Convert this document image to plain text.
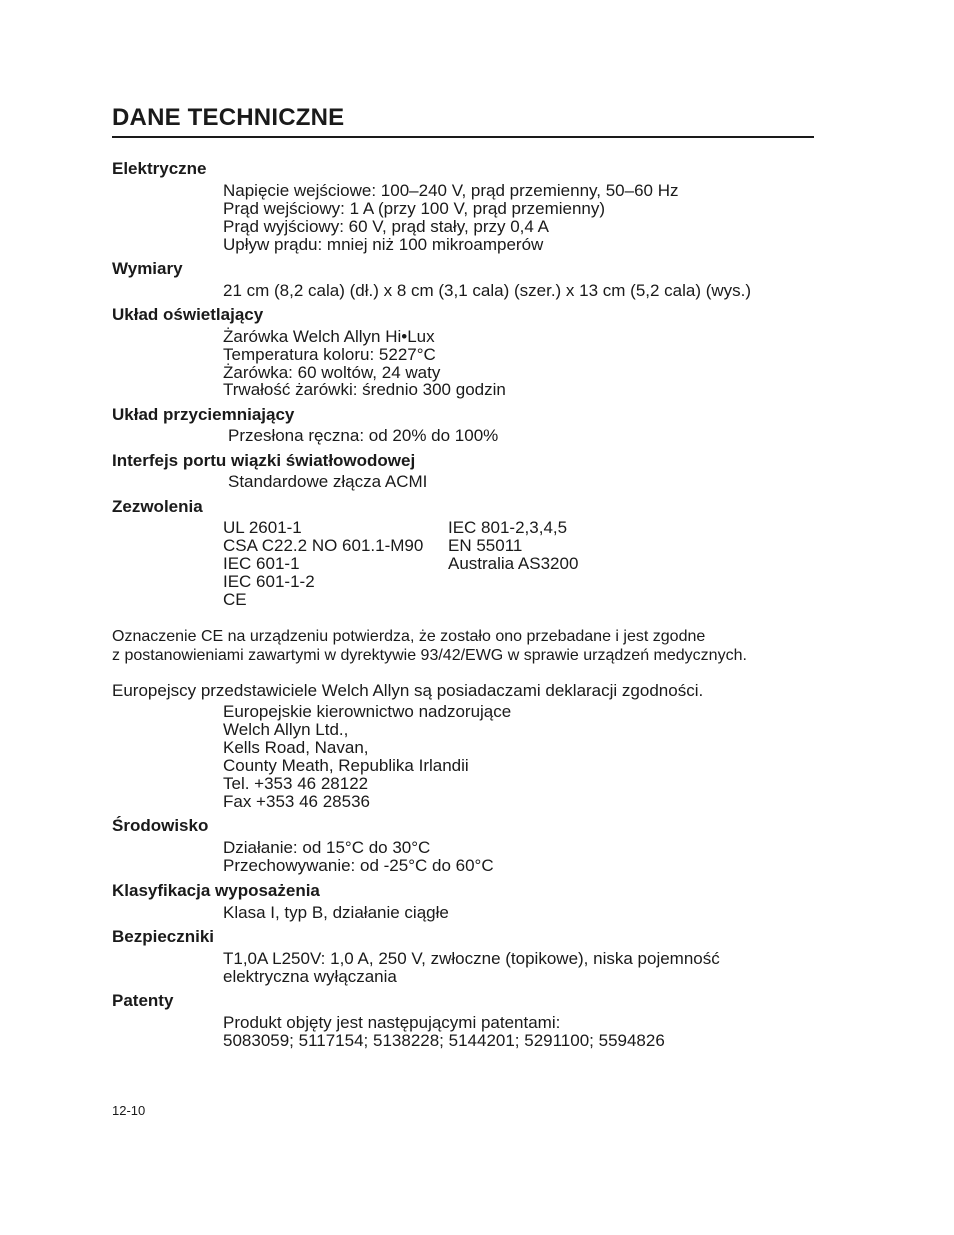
DANE TECHNICZNE
Elektryczne
Napięcie wejściowe: 100–240 V, prąd przemienny, 50–60 Hz
Prąd wejściowy: 1 A (przy 100 V, prąd przemienny)
Prąd wyjściowy: 60 V, prąd stały, przy 0,4 A
Upływ prądu: mniej niż 100 mikroamperów
Wymiary
21 cm (8,2 cala) (dł.) x 8 cm (3,1 cala) (szer.) x 13 cm (5,2 cala) (wys.)
Układ oświetlający
Żarówka Welch Allyn Hi•Lux
Temperatura koloru: 5227°C
Żarówka: 60 woltów, 24 waty
Trwałość żarówki: średnio 300 godzin
Układ przyciemniający
Przesłona ręczna: od 20% do 100%
Interfejs portu wiązki światłowodowej
Standardowe złącza ACMI
Zezwolenia
UL 2601-1
CSA C22.2 NO 601.1-M90
IEC 601-1
IEC 601-1-2
CE
IEC 801-2,3,4,5
EN 55011
Australia AS3200
Oznaczenie CE na urządzeniu potwierdza, że zostało ono przebadane i jest zgodne
z postanowieniami zawartymi w dyrektywie 93/42/EWG w sprawie urządzeń medycznych.
Europejscy przedstawiciele Welch Allyn są posiadaczami deklaracji zgodności.
Europejskie kierownictwo nadzorujące
Welch Allyn Ltd.,
Kells Road, Navan,
County Meath, Republika Irlandii
Tel. +353 46 28122
Fax +353 46 28536
Środowisko
Działanie: od 15°C do 30°C
Przechowywanie: od -25°C do 60°C
Klasyfikacja wyposażenia
Klasa I, typ B, działanie ciągłe
Bezpieczniki
T1,0A L250V: 1,0 A, 250 V, zwłoczne (topikowe), niska pojemność
elektryczna wyłączania
Patenty
Produkt objęty jest następującymi patentami:
5083059; 5117154; 5138228; 5144201; 5291100; 5594826
12-10
